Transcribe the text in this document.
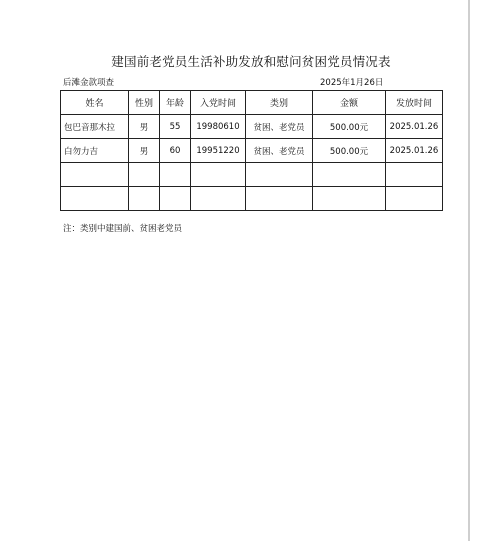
建国前老党员生活补助发放和慰问贫困党员情况表
后滩金款项查	2025年1月26日
姓名	性别	年龄	入党时间	类别	金额	发放时间
包巴音那木拉	男	55	19980610	贫困、老党员	500.00元	2025.01.26
白勿力吉	男	60	19951220	贫困、老党员	500.00元	2025.01.26

注：类别中建国前、贫困老党员
